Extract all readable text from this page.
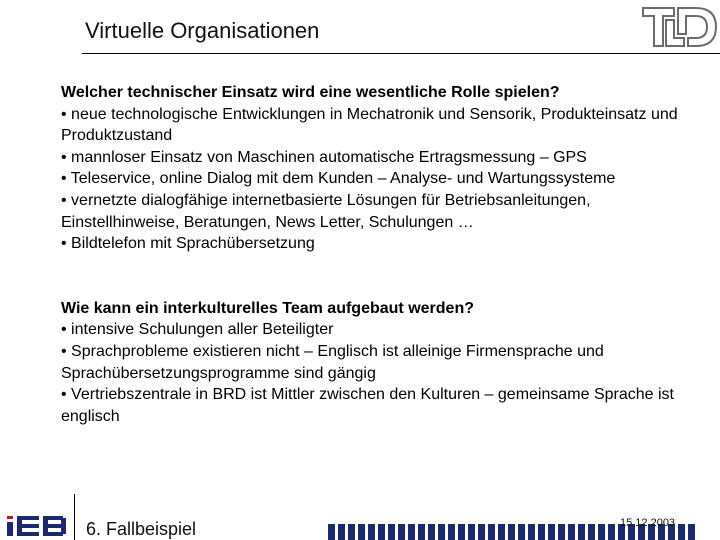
Virtuelle Organisationen
Welcher technischer Einsatz wird eine wesentliche Rolle spielen?
• neue technologische Entwicklungen in Mechatronik und Sensorik, Produkteinsatz und Produktzustand
• mannloser Einsatz von Maschinen automatische Ertragsmessung – GPS
• Teleservice, online Dialog mit dem Kunden – Analyse- und Wartungssysteme
• vernetzte dialogfähige internetbasierte Lösungen für Betriebsanleitungen, Einstellhinweise, Beratungen, News Letter, Schulungen …
• Bildtelefon mit Sprachübersetzung
Wie kann ein interkulturelles Team aufgebaut werden?
• intensive Schulungen aller Beteiligter
• Sprachprobleme existieren nicht – Englisch ist alleinige Firmensprache und Sprachübersetzungsprogramme sind gängig
• Vertriebszentrale in BRD ist Mittler zwischen den Kulturen – gemeinsame Sprache ist englisch
6. Fallbeispiel	15.12.2003
